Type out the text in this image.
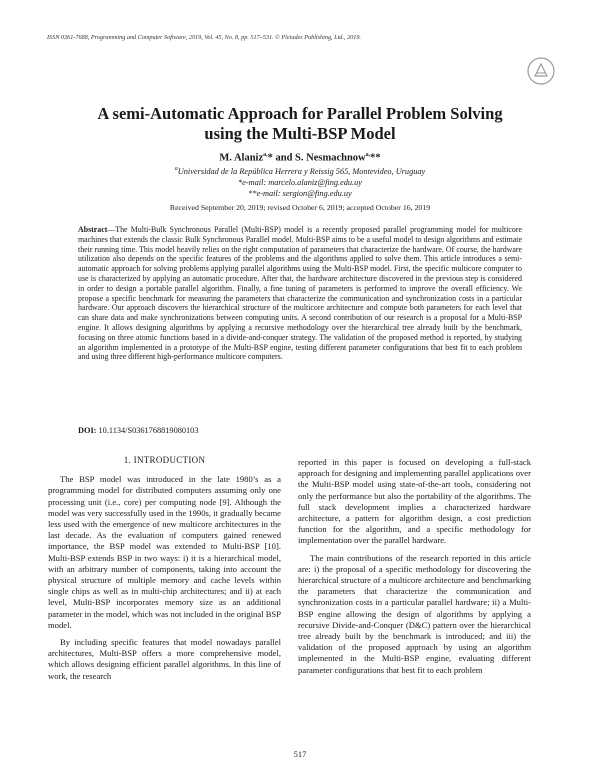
ISSN 0361-7688, Programming and Computer Software, 2019, Vol. 45, No. 8, pp. 517–531. © Pleiades Publishing, Ltd., 2019.
A semi-Automatic Approach for Parallel Problem Solving
using the Multi-BSP Model
M. Alaniz$^{a,}$* and S. Nesmachnow$^{a,}$**
$^a$Universidad de la República Herrera y Reissig 565, Montevideo, Uruguay
*e-mail: marcelo.alaniz@fing.edu.uy
**e-mail: sergion@fing.edu.uy
Received September 20, 2019; revised October 6, 2019; accepted October 16, 2019
Abstract—The Multi-Bulk Synchronous Parallel (Multi-BSP) model is a recently proposed parallel programming model for multicore machines that extends the classic Bulk Synchronous Parallel model. Multi-BSP aims to be a useful model to design algorithms and estimate their running time. This model heavily relies on the right computation of parameters that characterize the hardware. Of course, the hardware utilization also depends on the specific features of the problems and the algorithms applied to solve them. This article introduces a semi-automatic approach for solving problems applying parallel algorithms using the Multi-BSP model. First, the specific multicore computer to use is characterized by applying an automatic procedure. After that, the hardware architecture discovered in the previous step is considered in order to design a portable parallel algorithm. Finally, a fine tuning of parameters is performed to improve the overall efficiency. We propose a specific benchmark for measuring the parameters that characterize the communication and synchronization costs in a particular hardware. Our approach discovers the hierarchical structure of the multicore architecture and compute both parameters for each level that can share data and make synchronizations between computing units. A second contribution of our research is a proposal for a Multi-BSP engine. It allows designing algorithms by applying a recursive methodology over the hierarchical tree already built by the benchmark, focusing on three atomic functions based in a divide-and-conquer strategy. The validation of the proposed method is reported, by studying an algorithm implemented in a prototype of the Multi-BSP engine, testing different parameter configurations that best fit to each problem and using three different high-performance multicore computers.
DOI: 10.1134/S0361768819080103
1. INTRODUCTION

The BSP model was introduced in the late 1980’s as a programming model for distributed computers assuming only one processing unit (i.e., core) per computing node [9]. Although the model was very successfully used in the 1990s, it gradually became less used with the emergence of new multicore architectures in the last decade. As the evaluation of computers gained renewed importance, the BSP model was extended to Multi-BSP [10]. Multi-BSP extends BSP in two ways: i) it is a hierarchical model, with an arbitrary number of components, taking into account the physical structure of multiple memory and cache levels within single chips as well as in multi-chip architectures; and ii) at each level, Multi-BSP incorporates memory size as an additional parameter in the model, which was not included in the original BSP model.

By including specific features that model nowadays parallel architectures, Multi-BSP offers a more comprehensive model, which allows designing efficient parallel algorithms. In this line of work, the research

reported in this paper is focused on developing a full-stack approach for designing and implementing parallel applications over the Multi-BSP model using state-of-the-art tools, considering not only the performance but also the portability of the algorithms. The full stack development implies a characterized hardware architecture, a pattern for algorithm design, a cost prediction function for the algorithm, and a specific methodology for implementation over the parallel hardware.

The main contributions of the research reported in this article are: i) the proposal of a specific methodology for discovering the hierarchical structure of a multicore architecture and benchmarking the parameters that characterize the communication and synchronization costs in a particular parallel hardware; ii) a Multi-BSP engine allowing the design of algorithms by applying a recursive Divide-and-Conquer (D&C) pattern over the hierarchical tree already built by the benchmark is introduced; and iii) the validation of the proposed approach by using an algorithm implemented in the Multi-BSP engine, evaluating different parameter configurations that best fit to each problem

517
